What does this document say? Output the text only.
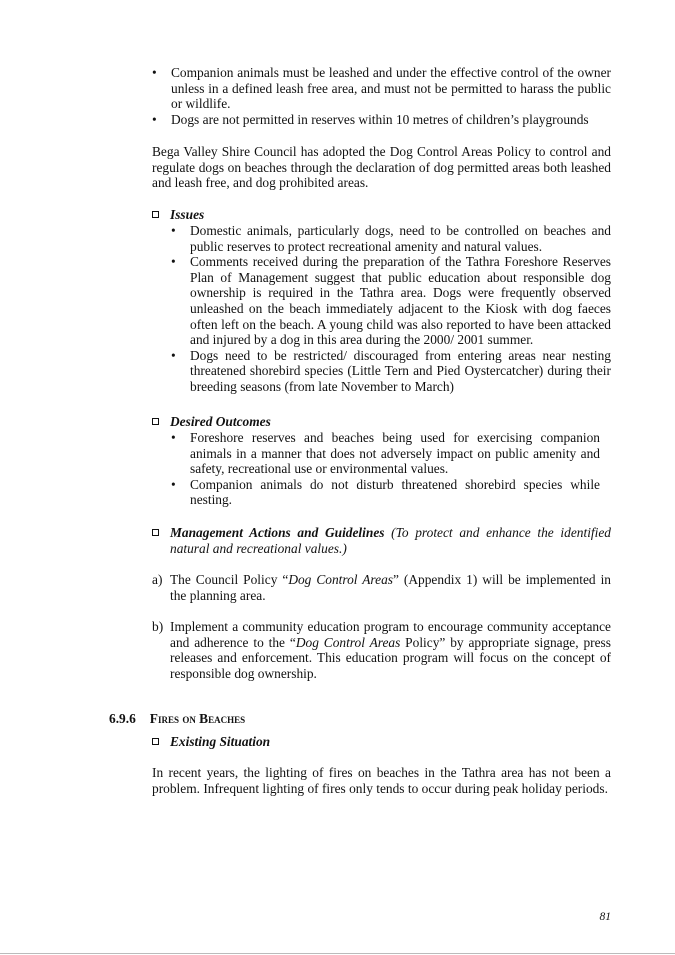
•	Companion animals must be leashed and under the effective control of the owner unless in a defined leash free area, and must not be permitted to harass the public or wildlife.
•	Dogs are not permitted in reserves within 10 metres of children’s playgrounds
Bega Valley Shire Council has adopted the Dog Control Areas Policy to control and regulate dogs on beaches through the declaration of dog permitted areas both leashed and leash free, and dog prohibited areas.
Issues
•	Domestic animals, particularly dogs, need to be controlled on beaches and public reserves to protect recreational amenity and natural values.
•	Comments received during the preparation of the Tathra Foreshore Reserves Plan of Management suggest that public education about responsible dog ownership is required in the Tathra area. Dogs were frequently observed unleashed on the beach immediately adjacent to the Kiosk with dog faeces often left on the beach. A young child was also reported to have been attacked and injured by a dog in this area during the 2000/ 2001 summer.
•	Dogs need to be restricted/ discouraged from entering areas near nesting threatened shorebird species (Little Tern and Pied Oystercatcher) during their breeding seasons (from late November to March)
Desired Outcomes
•	Foreshore reserves and beaches being used for exercising companion animals in a manner that does not adversely impact on public amenity and safety, recreational use or environmental values.
•	Companion animals do not disturb threatened shorebird species while nesting.
Management Actions and Guidelines (To protect and enhance the identified natural and recreational values.)
a) The Council Policy “Dog Control Areas” (Appendix 1) will be implemented in the planning area.
b) Implement a community education program to encourage community acceptance and adherence to the “Dog Control Areas Policy” by appropriate signage, press releases and enforcement. This education program will focus on the concept of responsible dog ownership.
6.9.6 Fires on Beaches
Existing Situation
In recent years, the lighting of fires on beaches in the Tathra area has not been a problem. Infrequent lighting of fires only tends to occur during peak holiday periods.
81
